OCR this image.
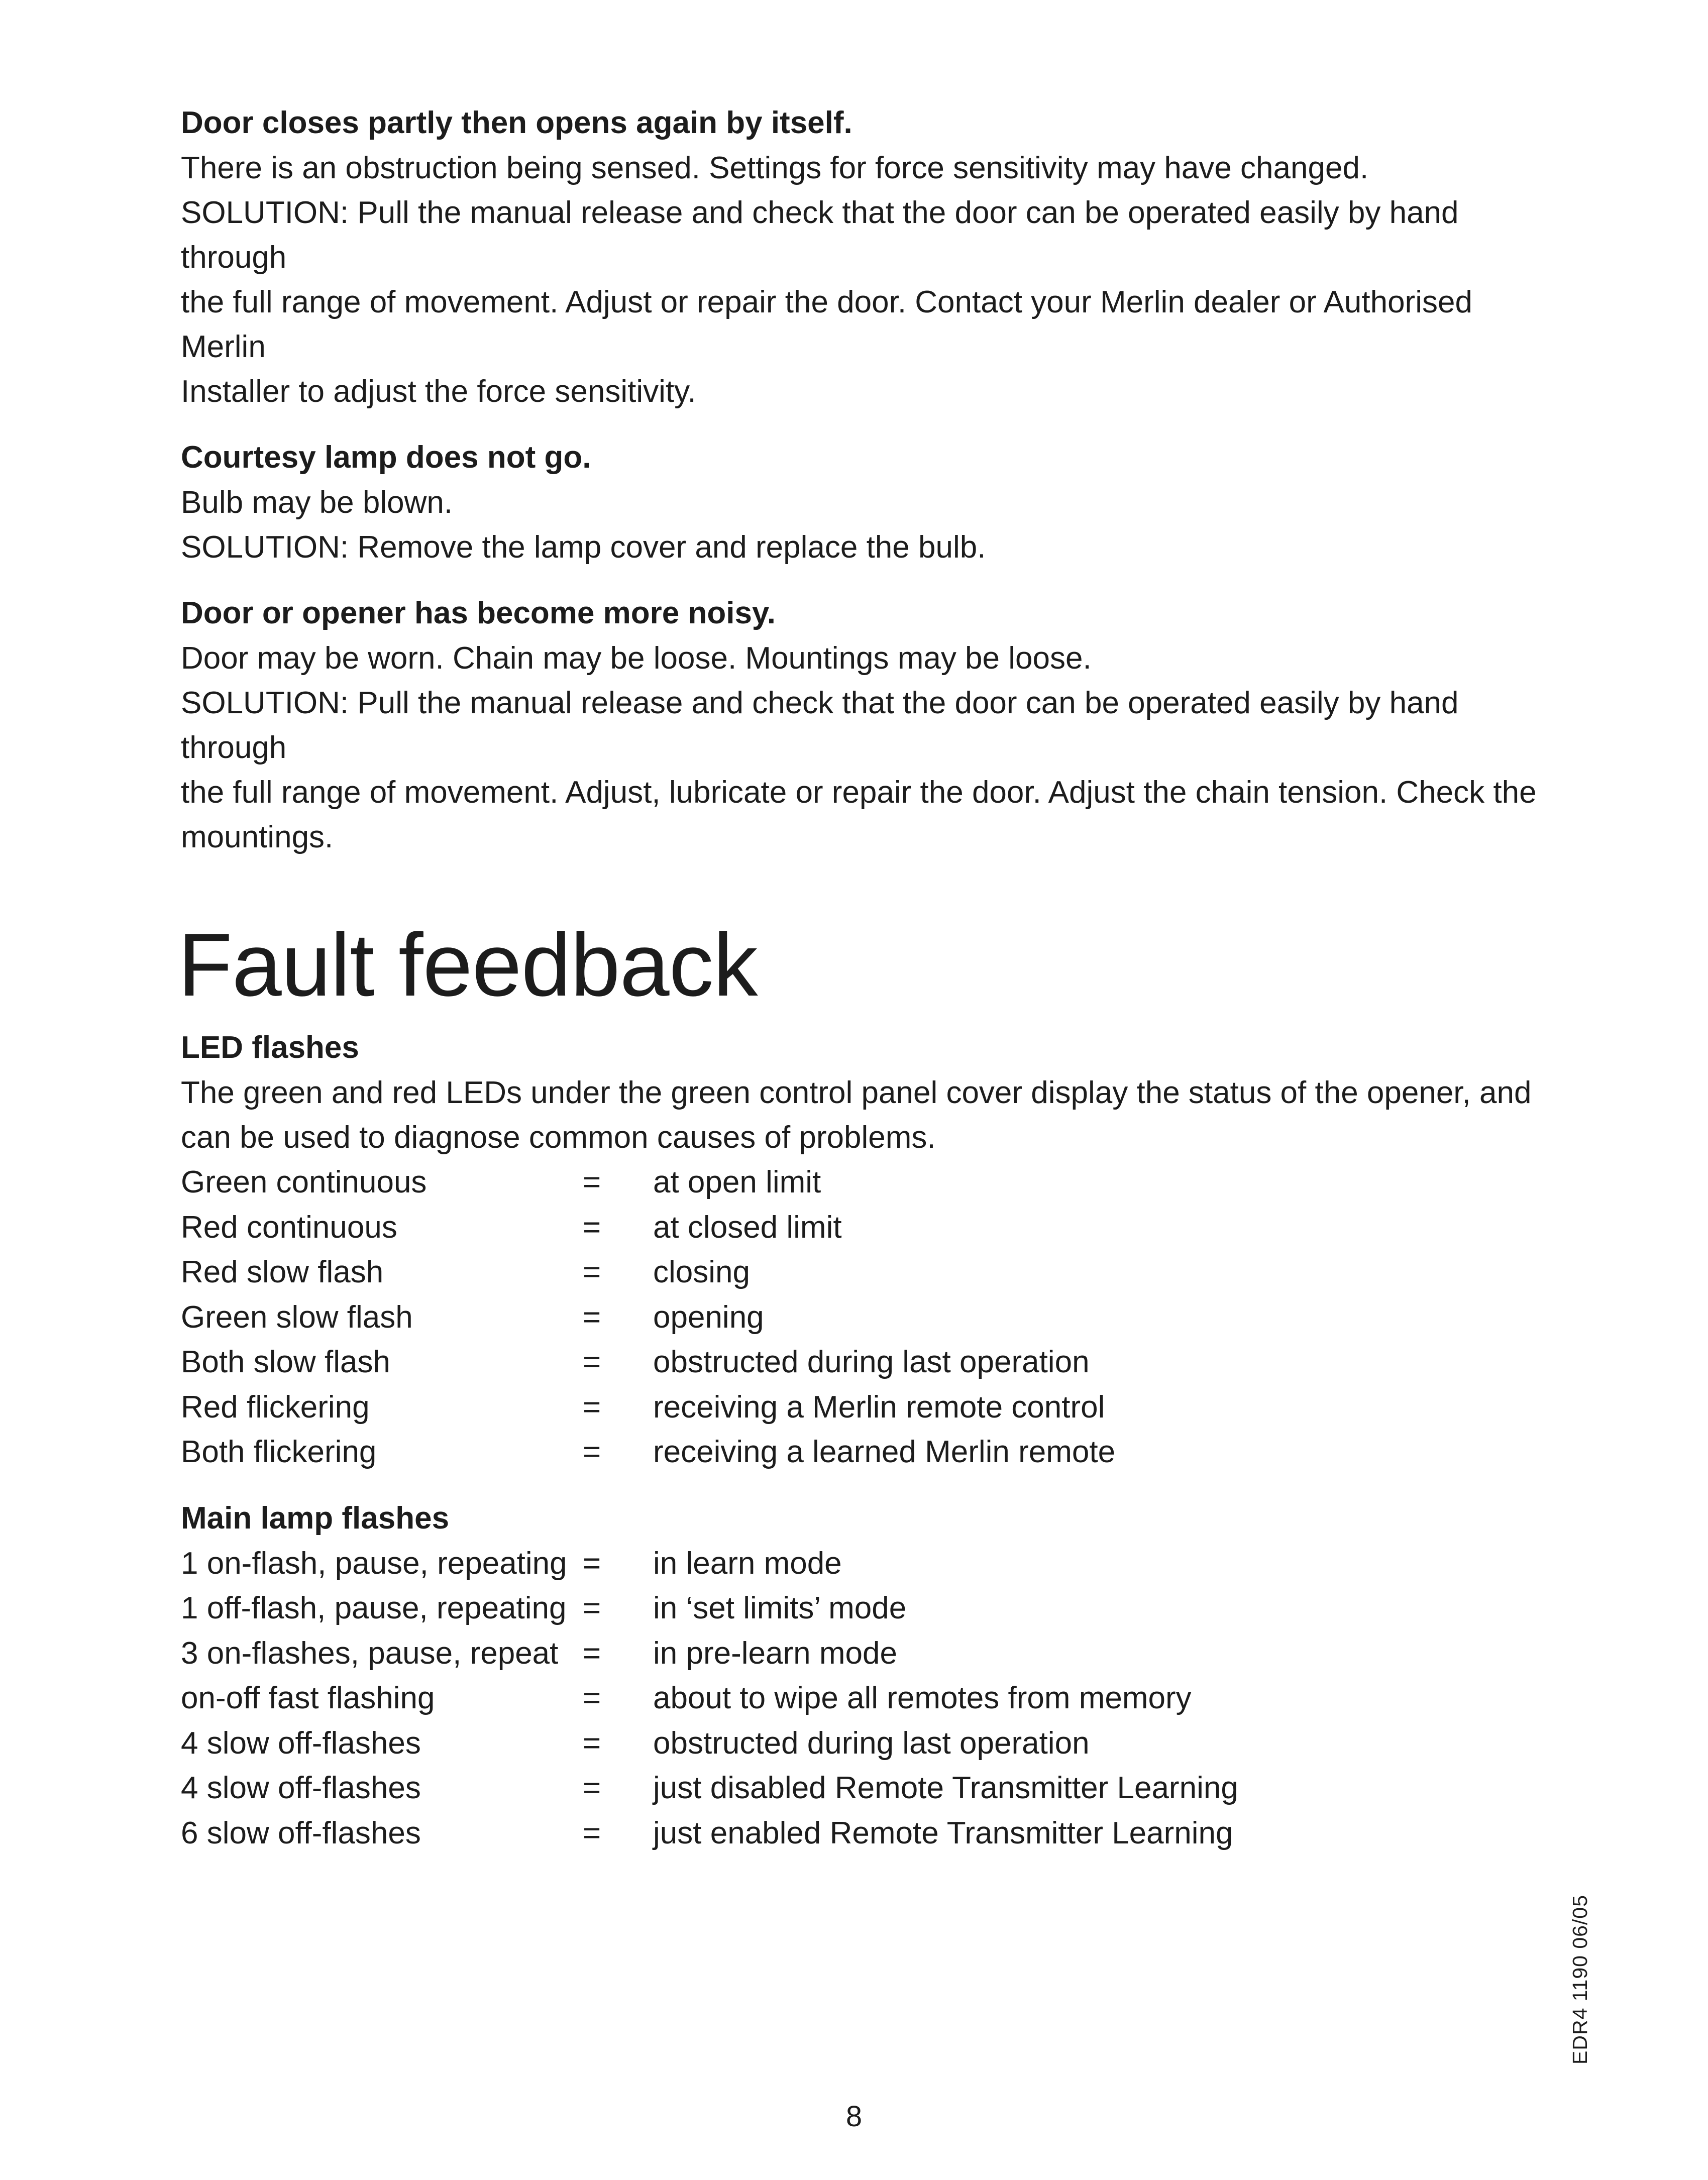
Door closes partly then opens again by itself.

There is an obstruction being sensed. Settings for force sensitivity may have changed.

SOLUTION: Pull the manual release and check that the door can be operated easily by hand through

the full range of movement. Adjust or repair the door. Contact your Merlin dealer or Authorised Merlin

Installer to adjust the force sensitivity.

Courtesy lamp does not go.

Bulb may be blown.

SOLUTION: Remove the lamp cover and replace the bulb.

Door or opener has become more noisy.

Door may be worn. Chain may be loose. Mountings may be loose.

SOLUTION: Pull the manual release and check that the door can be operated easily by hand through

the full range of movement. Adjust, lubricate or repair the door. Adjust the chain tension. Check the

mountings.

Fault feedback

LED flashes

The green and red LEDs under the green control panel cover display the status of the opener, and

can be used to diagnose common causes of problems.

Green continuous	=	at open limit
Red continuous	=	at closed limit
Red slow flash	=	closing
Green slow flash	=	opening
Both slow flash	=	obstructed during last operation
Red flickering	=	receiving a Merlin remote control
Both flickering	=	receiving a learned Merlin remote

Main lamp flashes

1 on-flash, pause, repeating =	in learn mode
1 off-flash, pause, repeating =	in ‘set limits’ mode
3 on-flashes, pause, repeat =	in pre-learn mode
on-off fast flashing	=	about to wipe all remotes from memory
4 slow off-flashes	=	obstructed during last operation
4 slow off-flashes	=	just disabled Remote Transmitter Learning
6 slow off-flashes	=	just enabled Remote Transmitter Learning
EDR4 1190 06/05
8
